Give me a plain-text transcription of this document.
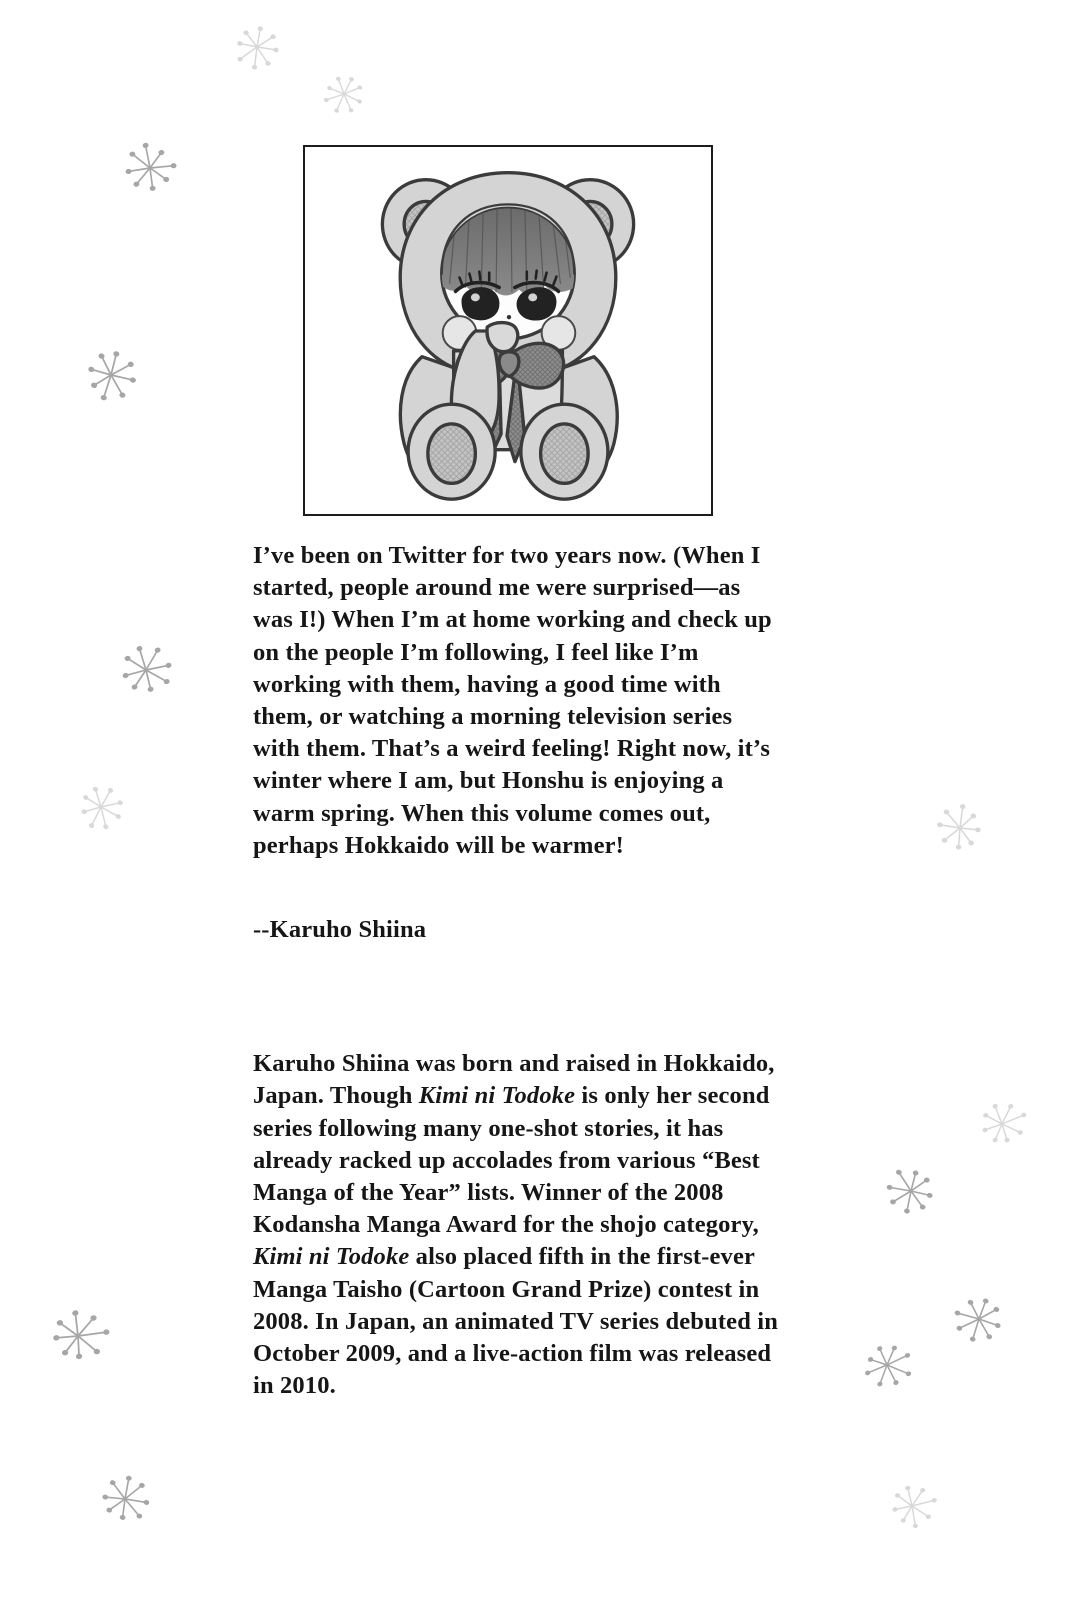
I’ve been on Twitter for two years now. (When I started, people around me were surprised—as was I!) When I’m at home working and check up on the people I’m following, I feel like I’m working with them, having a good time with them, or watching a morning television series with them. That’s a weird feeling! Right now, it’s winter where I am, but Honshu is enjoying a warm spring. When this volume comes out, perhaps Hokkaido will be warmer!

--Karuho Shiina

Karuho Shiina was born and raised in Hokkaido, Japan. Though Kimi ni Todoke is only her second series following many one-shot stories, it has already racked up accolades from various “Best Manga of the Year” lists. Winner of the 2008 Kodansha Manga Award for the shojo category, Kimi ni Todoke also placed fifth in the first-ever Manga Taisho (Cartoon Grand Prize) contest in 2008. In Japan, an animated TV series debuted in October 2009, and a live-action film was released in 2010.
